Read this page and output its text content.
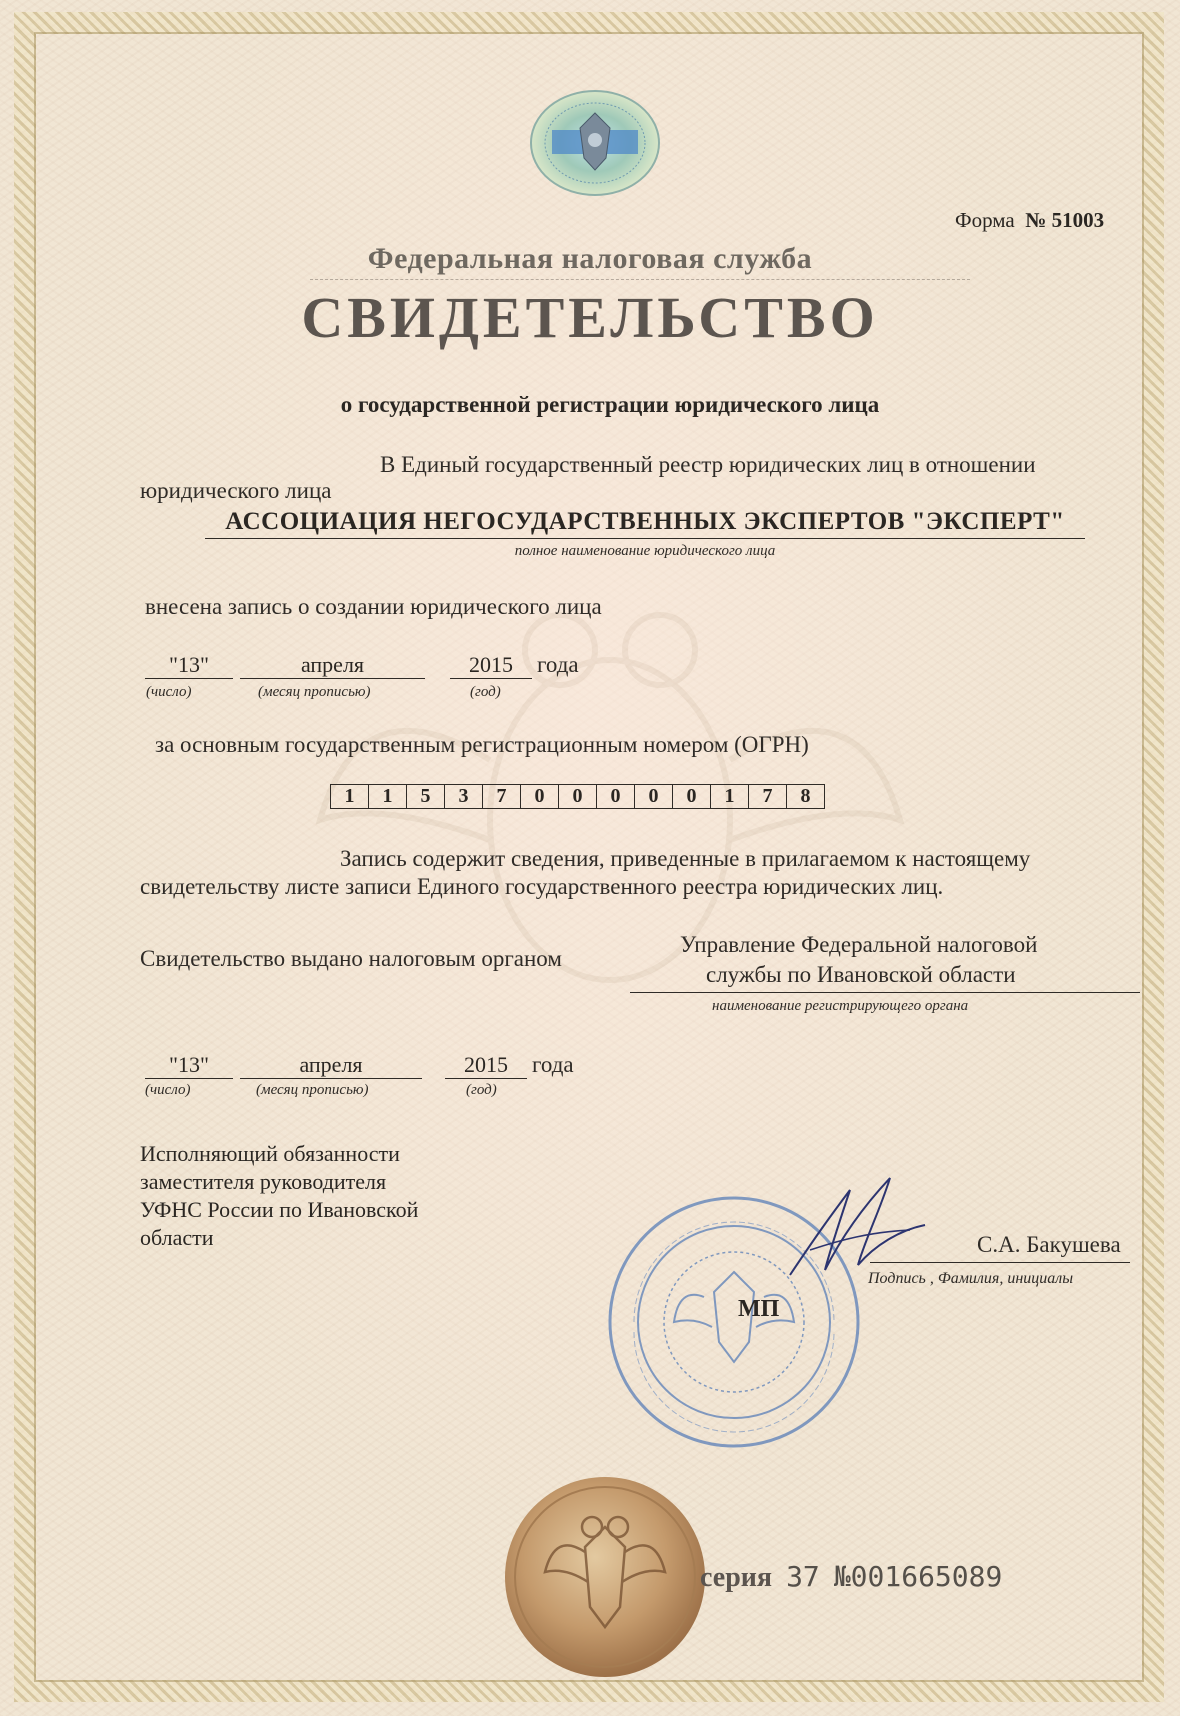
Форма № 51003
Федеральная налоговая служба
СВИДЕТЕЛЬСТВО
о государственной регистрации юридического лица
В Единый государственный реестр юридических лиц в отношении
юридического лица
АССОЦИАЦИЯ НЕГОСУДАРСТВЕННЫХ ЭКСПЕРТОВ "ЭКСПЕРТ"
полное наименование юридического лица
внесена запись о создании юридического лица
"13"	апреля	2015	года
(число)	(месяц прописью)	(год)
за основным государственным регистрационным номером (ОГРН)
1	1	5	3	7	0	0	0	0	0	1	7	8
Запись содержит сведения, приведенные в прилагаемом к настоящему
свидетельству листе записи Единого государственного реестра юридических лиц.
Свидетельство выдано налоговым органом
Управление Федеральной налоговой
службы по Ивановской области
наименование регистрирующего органа
"13"	апреля	2015	года
(число)	(месяц прописью)	(год)
Исполняющий обязанности
заместителя руководителя
УФНС России по Ивановской
области
МП
С.А. Бакушева
Подпись , Фамилия, инициалы
серия 37 №001665089
